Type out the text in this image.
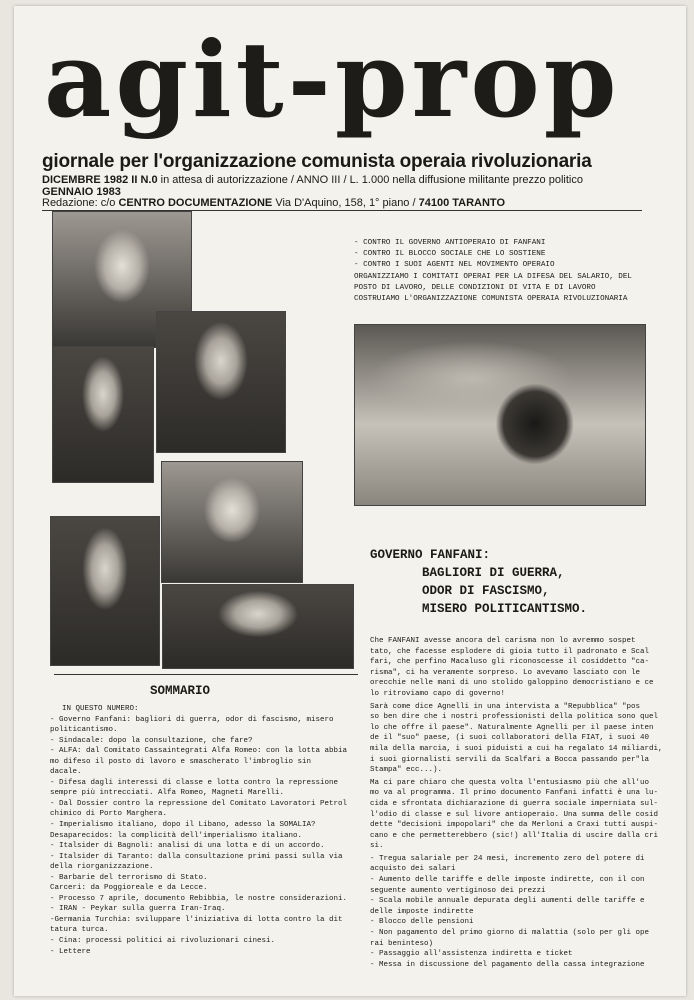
agit-prop
giornale per l'organizzazione comunista operaia rivoluzionaria
DICEMBRE 1982 II N.0 in attesa di autorizzazione / ANNO III / L. 1.000 nella diffusione militante prezzo politico
GENNAIO 1983
Redazione: c/o CENTRO DOCUMENTAZIONE Via D'Aquino, 158, 1° piano / 74100 TARANTO
- CONTRO IL GOVERNO ANTIOPERAIO DI FANFANI
- CONTRO IL BLOCCO SOCIALE CHE LO SOSTIENE
- CONTRO I SUOI AGENTI NEL MOVIMENTO OPERAIO
ORGANIZZIAMO I COMITATI OPERAI PER LA DIFESA DEL SALARIO, DEL
POSTO DI LAVORO, DELLE CONDIZIONI DI VITA E DI LAVORO
COSTRUIAMO L'ORGANIZZAZIONE COMUNISTA OPERAIA RIVOLUZIONARIA
GOVERNO FANFANI:
BAGLIORI DI GUERRA,
ODOR DI FASCISMO,
MISERO POLITICANTISMO.

Che FANFANI avesse ancora del carisma non lo avremmo sospet
tato, che facesse esplodere di gioia tutto il padronato e Scal
fari, che perfino Macaluso gli riconoscesse il cosiddetto "ca-
risma", ci ha veramente sorpreso. Lo avevamo lasciato con le
orecchie nelle mani di uno stolido galoppino democristiano e ce
lo ritroviamo capo di governo!

Sarà come dice Agnelli in una intervista a "Repubblica" "pos
so ben dire che i nostri professionisti della politica sono quel
lo che offre il paese". Naturalmente Agnelli per il paese inten
de il "suo" paese, (i suoi collaboratori della FIAT, i suoi 40
mila della marcia, i suoi piduisti a cui ha regalato 14 miliardi,
i suoi giornalisti servili da Scalfari a Bocca passando per"la
Stampa" ecc...).

Ma ci pare chiaro che questa volta l'entusiasmo più che all'uo
mo va al programma. Il primo documento Fanfani infatti è una lu-
cida e sfrontata dichiarazione di guerra sociale imperniata sul-
l'odio di classe e sul livore antioperaio. Una summa delle cosid
dette "decisioni impopolari" che da Merloni a Craxi tutti auspi-
cano e che permetterebbero (sic!) all'Italia di uscire dalla cri
si.

- Tregua salariale per 24 mesi, incremento zero del potere di
acquisto dei salari
- Aumento delle tariffe e delle imposte indirette, con il con
seguente aumento vertiginoso dei prezzi
- Scala mobile annuale depurata degli aumenti delle tariffe e
delle imposte indirette
- Blocco delle pensioni
- Non pagamento del primo giorno di malattia (solo per gli ope
rai beninteso)
- Passaggio all'assistenza indiretta e ticket
- Messa in discussione del pagamento della cassa integrazione
SOMMARIO
IN QUESTO NUMERO:
- Governo Fanfani: bagliori di guerra, odor di fascismo, misero
politicantismo.
- Sindacale: dopo la consultazione, che fare?
- ALFA: dal Comitato Cassaintegrati Alfa Romeo: con la lotta abbia
mo difeso il posto di lavoro e smascherato l'imbroglio sin
dacale.
- Difesa dagli interessi di classe e lotta contro la repressione
sempre più intrecciati. Alfa Romeo, Magneti Marelli.
- Dal Dossier contro la repressione del Comitato Lavoratori Petrol
chimico di Porto Marghera.
- Imperialismo italiano, dopo il Libano, adesso la SOMALIA?
Desaparecidos: la complicità dell'imperialismo italiano.
- Italsider di Bagnoli: analisi di una lotta e di un accordo.
- Italsider di Taranto: dalla consultazione primi passi sulla via
della riorganizzazione.
- Barbarie del terrorismo di Stato.
Carceri: da Poggioreale e da Lecce.
- Processo 7 aprile, documento Rebibbia, le nostre considerazioni.
- IRAN - Peykar sulla guerra Iran-Iraq.
-Germania Turchia: sviluppare l'iniziativa di lotta contro la dit
tatura turca.
- Cina: processi politici ai rivoluzionari cinesi.
- Lettere
